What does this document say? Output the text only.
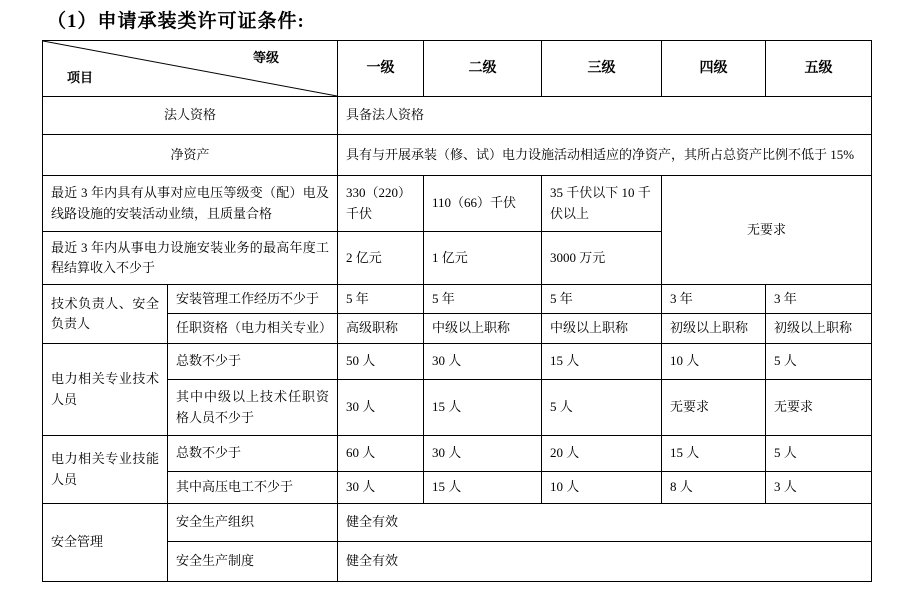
（1）申请承装类许可证条件:
等级
项目		一级	二级	三级	四级	五级
法人资格		具备法人资格				
净资产		具有与开展承装（修、试）电力设施活动相适应的净资产，其所占总资产比例不低于 15%				
最近 3 年内具有从事对应电压等级变（配）电及线路设施的安装活动业绩，且质量合格		330（220）千伏	110（66）千伏	35 千伏以下 10 千伏以上	无要求	
最近 3 年内从事电力设施安装业务的最高年度工程结算收入不少于		2 亿元	1 亿元	3000 万元		
技术负责人、安全负责人	安装管理工作经历不少于	5 年	5 年	5 年	3 年	3 年
	任职资格（电力相关专业）	高级职称	中级以上职称	中级以上职称	初级以上职称	初级以上职称
电力相关专业技术人员	总数不少于	50 人	30 人	15 人	10 人	5 人
	其中中级以上技术任职资格人员不少于	30 人	15 人	5 人	无要求	无要求
电力相关专业技能人员	总数不少于	60 人	30 人	20 人	15 人	5 人
	其中高压电工不少于	30 人	15 人	10 人	8 人	3 人
安全管理	安全生产组织	健全有效				
	安全生产制度	健全有效				
